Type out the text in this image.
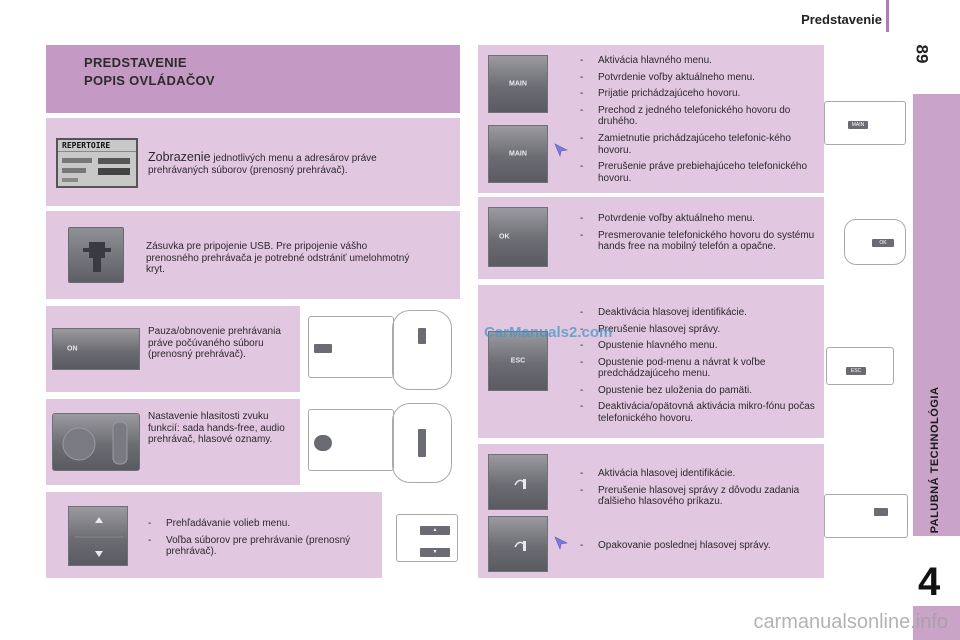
Predstavenie
89
PALUBNÁ TECHNOLÓGIA
4
PREDSTAVENIE
POPIS OVLÁDAČOV
REPERTOIRE
Zobrazenie jednotlivých menu a adresárov práve prehrávaných súborov (prenosný prehrávač).
Zásuvka pre pripojenie USB. Pre pripojenie vášho prenosného prehrávača je potrebné odstrániť umelohmotný kryt.
ON
Pauza/obnovenie prehrávania práve počúvaného súboru (prenosný prehrávač).
Nastavenie hlasitosti zvuku funkcií: sada hands-free, audio prehrávač, hlasové oznamy.
- Prehľadávanie volieb menu.
- Voľba súborov pre prehrávanie (prenosný prehrávač).
▲
▼
MAIN
MAIN
- Aktivácia hlavného menu.
- Potvrdenie voľby aktuálneho menu.
- Prijatie prichádzajúceho hovoru.
- Prechod z jedného telefonického hovoru do druhého.
- Zamietnutie prichádzajúceho telefonic-kého hovoru.
- Prerušenie práve prebiehajúceho telefonického hovoru.
MAIN
OK
- Potvrdenie voľby aktuálneho menu.
- Presmerovanie telefonického hovoru do systému hands free na mobilný telefón a opačne.	OK
ESC
- Deaktivácia hlasovej identifikácie.
- Prerušenie hlasovej správy.
- Opustenie hlavného menu.
- Opustenie pod-menu a návrat k voľbe predchádzajúceho menu.
- Opustenie bez uloženia do pamäti.
- Deaktivácia/opätovná aktivácia mikro-fónu počas telefonického hovoru.
CarManuals2.com
ESC
- Aktivácia hlasovej identifikácie.
- Prerušenie hlasovej správy z dôvodu zadania ďalšieho hlasového príkazu.
- Opakovanie poslednej hlasovej správy.
carmanualsonline.info
